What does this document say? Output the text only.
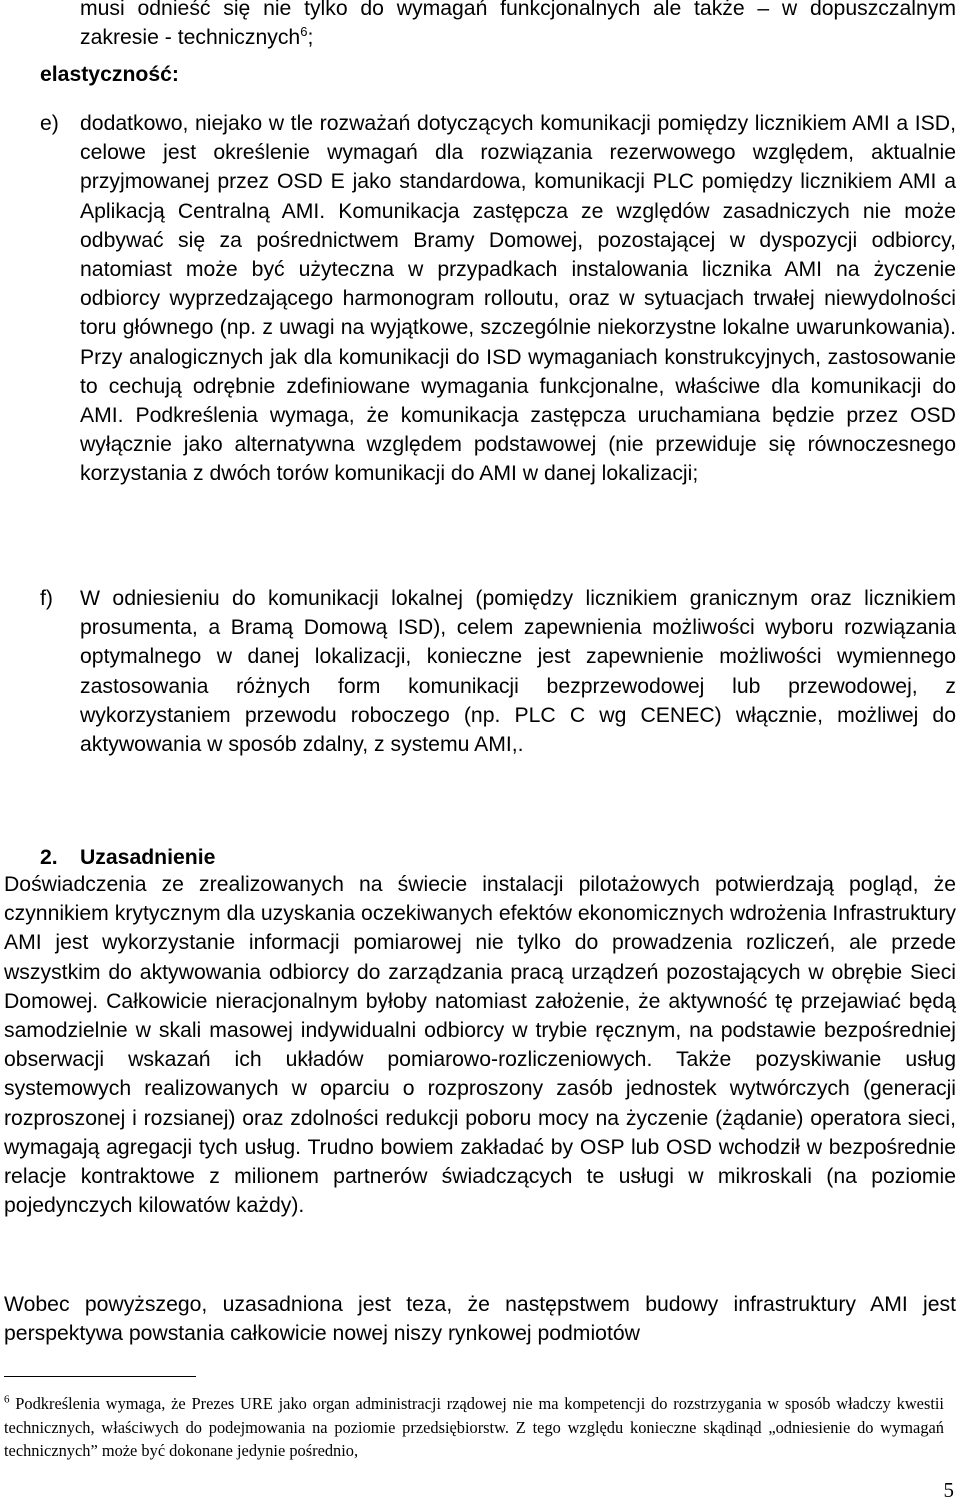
musi odnieść się nie tylko do wymagań funkcjonalnych ale także – w dopuszczalnym zakresie - technicznych$^6$;
elastyczność:
e) dodatkowo, niejako w tle rozważań dotyczących komunikacji pomiędzy licznikiem AMI a ISD, celowe jest określenie wymagań dla rozwiązania rezerwowego względem, aktualnie przyjmowanej przez OSD E jako standardowa, komunikacji PLC pomiędzy licznikiem AMI a Aplikacją Centralną AMI. Komunikacja zastępcza ze względów zasadniczych nie może odbywać się za pośrednictwem Bramy Domowej, pozostającej w dyspozycji odbiorcy, natomiast może być użyteczna w przypadkach instalowania licznika AMI na życzenie odbiorcy wyprzedzającego harmonogram rolloutu, oraz w sytuacjach trwałej niewydolności toru głównego (np. z uwagi na wyjątkowe, szczególnie niekorzystne lokalne uwarunkowania). Przy analogicznych jak dla komunikacji do ISD wymaganiach konstrukcyjnych, zastosowanie to cechują odrębnie zdefiniowane wymagania funkcjonalne, właściwe dla komunikacji do AMI. Podkreślenia wymaga, że komunikacja zastępcza uruchamiana będzie przez OSD wyłącznie jako alternatywna względem podstawowej (nie przewiduje się równoczesnego korzystania z dwóch torów komunikacji do AMI w danej lokalizacji;
f)	W odniesieniu do komunikacji lokalnej (pomiędzy licznikiem granicznym oraz licznikiem prosumenta, a Bramą Domową ISD), celem zapewnienia możliwości wyboru rozwiązania optymalnego w danej lokalizacji, konieczne jest zapewnienie możliwości wymiennego zastosowania różnych form komunikacji bezprzewodowej lub przewodowej, z wykorzystaniem przewodu roboczego (np. PLC C wg CENEC) włącznie, możliwej do aktywowania w sposób zdalny, z systemu AMI,.
2. Uzasadnienie
Doświadczenia ze zrealizowanych na świecie instalacji pilotażowych potwierdzają pogląd, że czynnikiem krytycznym dla uzyskania oczekiwanych efektów ekonomicznych wdrożenia Infrastruktury AMI jest wykorzystanie informacji pomiarowej nie tylko do prowadzenia rozliczeń, ale przede wszystkim do aktywowania odbiorcy do zarządzania pracą urządzeń pozostających w obrębie Sieci Domowej. Całkowicie nieracjonalnym byłoby natomiast założenie, że aktywność tę przejawiać będą samodzielnie w skali masowej indywidualni odbiorcy w trybie ręcznym, na podstawie bezpośredniej obserwacji wskazań ich układów pomiarowo-rozliczeniowych. Także pozyskiwanie usług systemowych realizowanych w oparciu o rozproszony zasób jednostek wytwórczych (generacji rozproszonej i rozsianej) oraz zdolności redukcji poboru mocy na życzenie (żądanie) operatora sieci, wymagają agregacji tych usług. Trudno bowiem zakładać by OSP lub OSD wchodził w bezpośrednie relacje kontraktowe z milionem partnerów świadczących te usługi w mikroskali (na poziomie pojedynczych kilowatów każdy).
Wobec powyższego, uzasadniona jest teza, że następstwem budowy infrastruktury AMI jest perspektywa powstania całkowicie nowej niszy rynkowej podmiotów
$^6$ Podkreślenia wymaga, że Prezes URE jako organ administracji rządowej nie ma kompetencji do rozstrzygania w sposób władczy kwestii technicznych, właściwych do podejmowania na poziomie przedsiębiorstw. Z tego względu konieczne skądinąd „odniesienie do wymagań technicznych” może być dokonane jedynie pośrednio,
5
